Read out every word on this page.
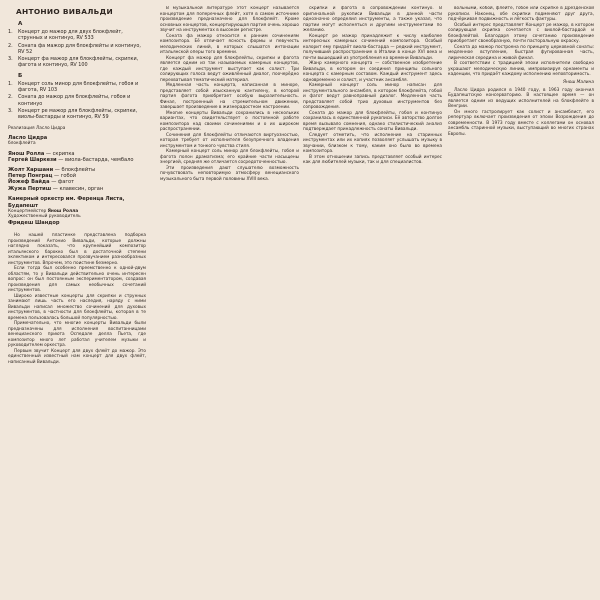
АНТОНИО ВИВАЛЬДИ
А
1. Концерт до мажор для двух блокфлейт, струнных и континуо, RV 533
2. Соната фа мажор для блокфлейты и континуо, RV 52
3. Концерт фа мажор для блокфлейты, скрипки, фагота и континуо, RV 100
Б
1. Концерт соль минор для блокфлейты, гобоя и фагота, RV 103
2. Соната до мажор для блокфлейты, гобоя и континуо
3. Концерт ре мажор для блокфлейты, скрипки, виолы-бастарды и континуо, RV 59
Реализация Ласло Цидра
Ласло Цидра
блокфлейта
Янош Ролла — скрипка
Гергей Шаркези — виола-бастарда, чембало
Жолт Харшани — блокфлейты
Петер Понграц — гобой
Йожеф Вайда — фагот
Жужа Пертиш — клавесин, орган
Камерный оркестр им. Ференца Листа, Будапешт
Концертмейстер Янош Ролла
Художественный руководитель
Фридеш Шандор

Но нашей пластинке представлена подборка произведений Антонио Вивальди, которые должны наглядно показать, что крупнейший композитор итальянского барокко был в достаточной степени эклектиком и интересовался прозвучанием разнообразных инструментов. Впрочем, это поистине безмерно.

Если тогда был особенно преемственно к одной-двум областям, то у Вивальди действительно очень интересен вопрос: он был постоянным экспериментатором, создавая произведения для самых необычных сочетаний инструментов.

Широко известные концерты для скрипки и струнных занимают лишь часть его наследия, наряду с ними Вивальди написал множество сочинений для духовых инструментов, в частности для блокфлейты, которая в те времена пользовалась большой популярностью.

Примечательно, что многие концерты Вивальди были предназначены для исполнения воспитанницами венецианского приюта Оспедале делла Пьета, где композитор много лет работал учителем музыки и руководителем оркестра.

Первым звучит Концерт для двух флейт до мажор. Это единственный известный нам концерт для двух флейт, написанный Вивальди.

В музыкальной литературе этот концерт называется концертом для поперечных флейт, хотя в самом источнике произведение предназначено для блокфлейт. Кроме основных концертов, концертирующая партия очень хорошо звучит на инструментах в высоком регистре.

Соната фа мажор относится к ранним сочинениям композитора. Её отличает ясность формы и певучесть мелодических линий, в которых слышатся интонации итальянской оперы того времени.

Концерт фа мажор для блокфлейты, скрипки и фагота является одним из так называемых камерных концертов, где каждый инструмент выступает как солист. Три солирующих голоса ведут оживлённый диалог, поочерёдно перехватывая тематический материал.

Медленная часть концерта, написанная в миноре, представляет собой изысканную кантилену, в которой партия фагота приобретает особую выразительность. Финал, построенный на стремительном движении, завершает произведение в жизнерадостном настроении.

Многие концерты Вивальди сохранились в нескольких вариантах, что свидетельствует о постоянной работе композитора над своими сочинениями и о их широком распространении.

Сочинения для блокфлейты отличаются виртуозностью, которая требует от исполнителя безупречного владения инструментом и тонкого чувства стиля.

Камерный концерт соль минор для блокфлейты, гобоя и фагота полон драматизма; его крайние части насыщены энергией, средняя же отличается сосредоточенностью.

Эти произведения дают слушателю возможность почувствовать неповторимую атмосферу венецианского музыкального быта первой половины XVIII века.

скрипки и фагота в сопровождении континуо. В оригинальной рукописи Вивальди в данной части однозначно определил инструменты, а также указал, что партии могут исполняться и другими инструментами по желанию.

Концерт ре мажор принадлежит к числу наиболее интересных камерных сочинений композитора. Особый колорит ему придаёт виола-бастарда — редкий инструмент, получивший распространение в Италии в конце XVI века и почти вышедший из употребления ко времени Вивальди.

Жанр камерного концерта — собственное изобретение Вивальди, в котором он соединил принципы сольного концерта с камерным составом. Каждый инструмент здесь одновременно и солист, и участник ансамбля.

Камерный концерт соль минор написан для инструментального ансамбля, в котором блокфлейта, гобой и фагот ведут равноправный диалог. Медленная часть представляет собой трио духовых инструментов без сопровождения.

Соната до мажор для блокфлейты, гобоя и континуо сохранилась в единственной рукописи. Её авторство долгое время вызывало сомнения, однако стилистический анализ подтверждает принадлежность сонаты Вивальди.

Следует отметить, что исполнение на старинных инструментах или их копиях позволяет услышать музыку в звучании, близком к тому, каким оно было во времена композитора.

В этом отношении запись представляет особый интерес как для любителей музыки, так и для специалистов.

вольными, кобой, флейте, гобое или скрипке в Дрезденской рукописи. Наконец, обе скрипки подменяют друг друга, подчёркивая подвижность и лёгкость фактуры.

Особый интерес представляет Концерт ре мажор, в котором солирующая скрипка сочетается с виолой-бастардой и блокфлейтой. Благодаря этому сочетанию произведение приобретает своеобразную, почти пасторальную окраску.

Соната до мажор построена по принципу церковной сонаты: медленное вступление, быстрая фугированная часть, лирическая середина и живой финал.

В соответствии с традицией эпохи исполнители свободно украшают мелодическую линию, импровизируя орнаменты и каденции, что придаёт каждому исполнению неповторимость.

Янош Малина

Ласло Цидра родился в 1940 году, в 1963 году окончил Будапештскую консерваторию. В настоящее время — он является одним из ведущих исполнителей на блокфлейте в Венгрии.

Он много гастролирует как солист и ансамблист, его репертуар включает произведения от эпохи Возрождения до современности. В 1973 году вместе с коллегами он основал ансамбль старинной музыки, выступающий во многих странах Европы.
